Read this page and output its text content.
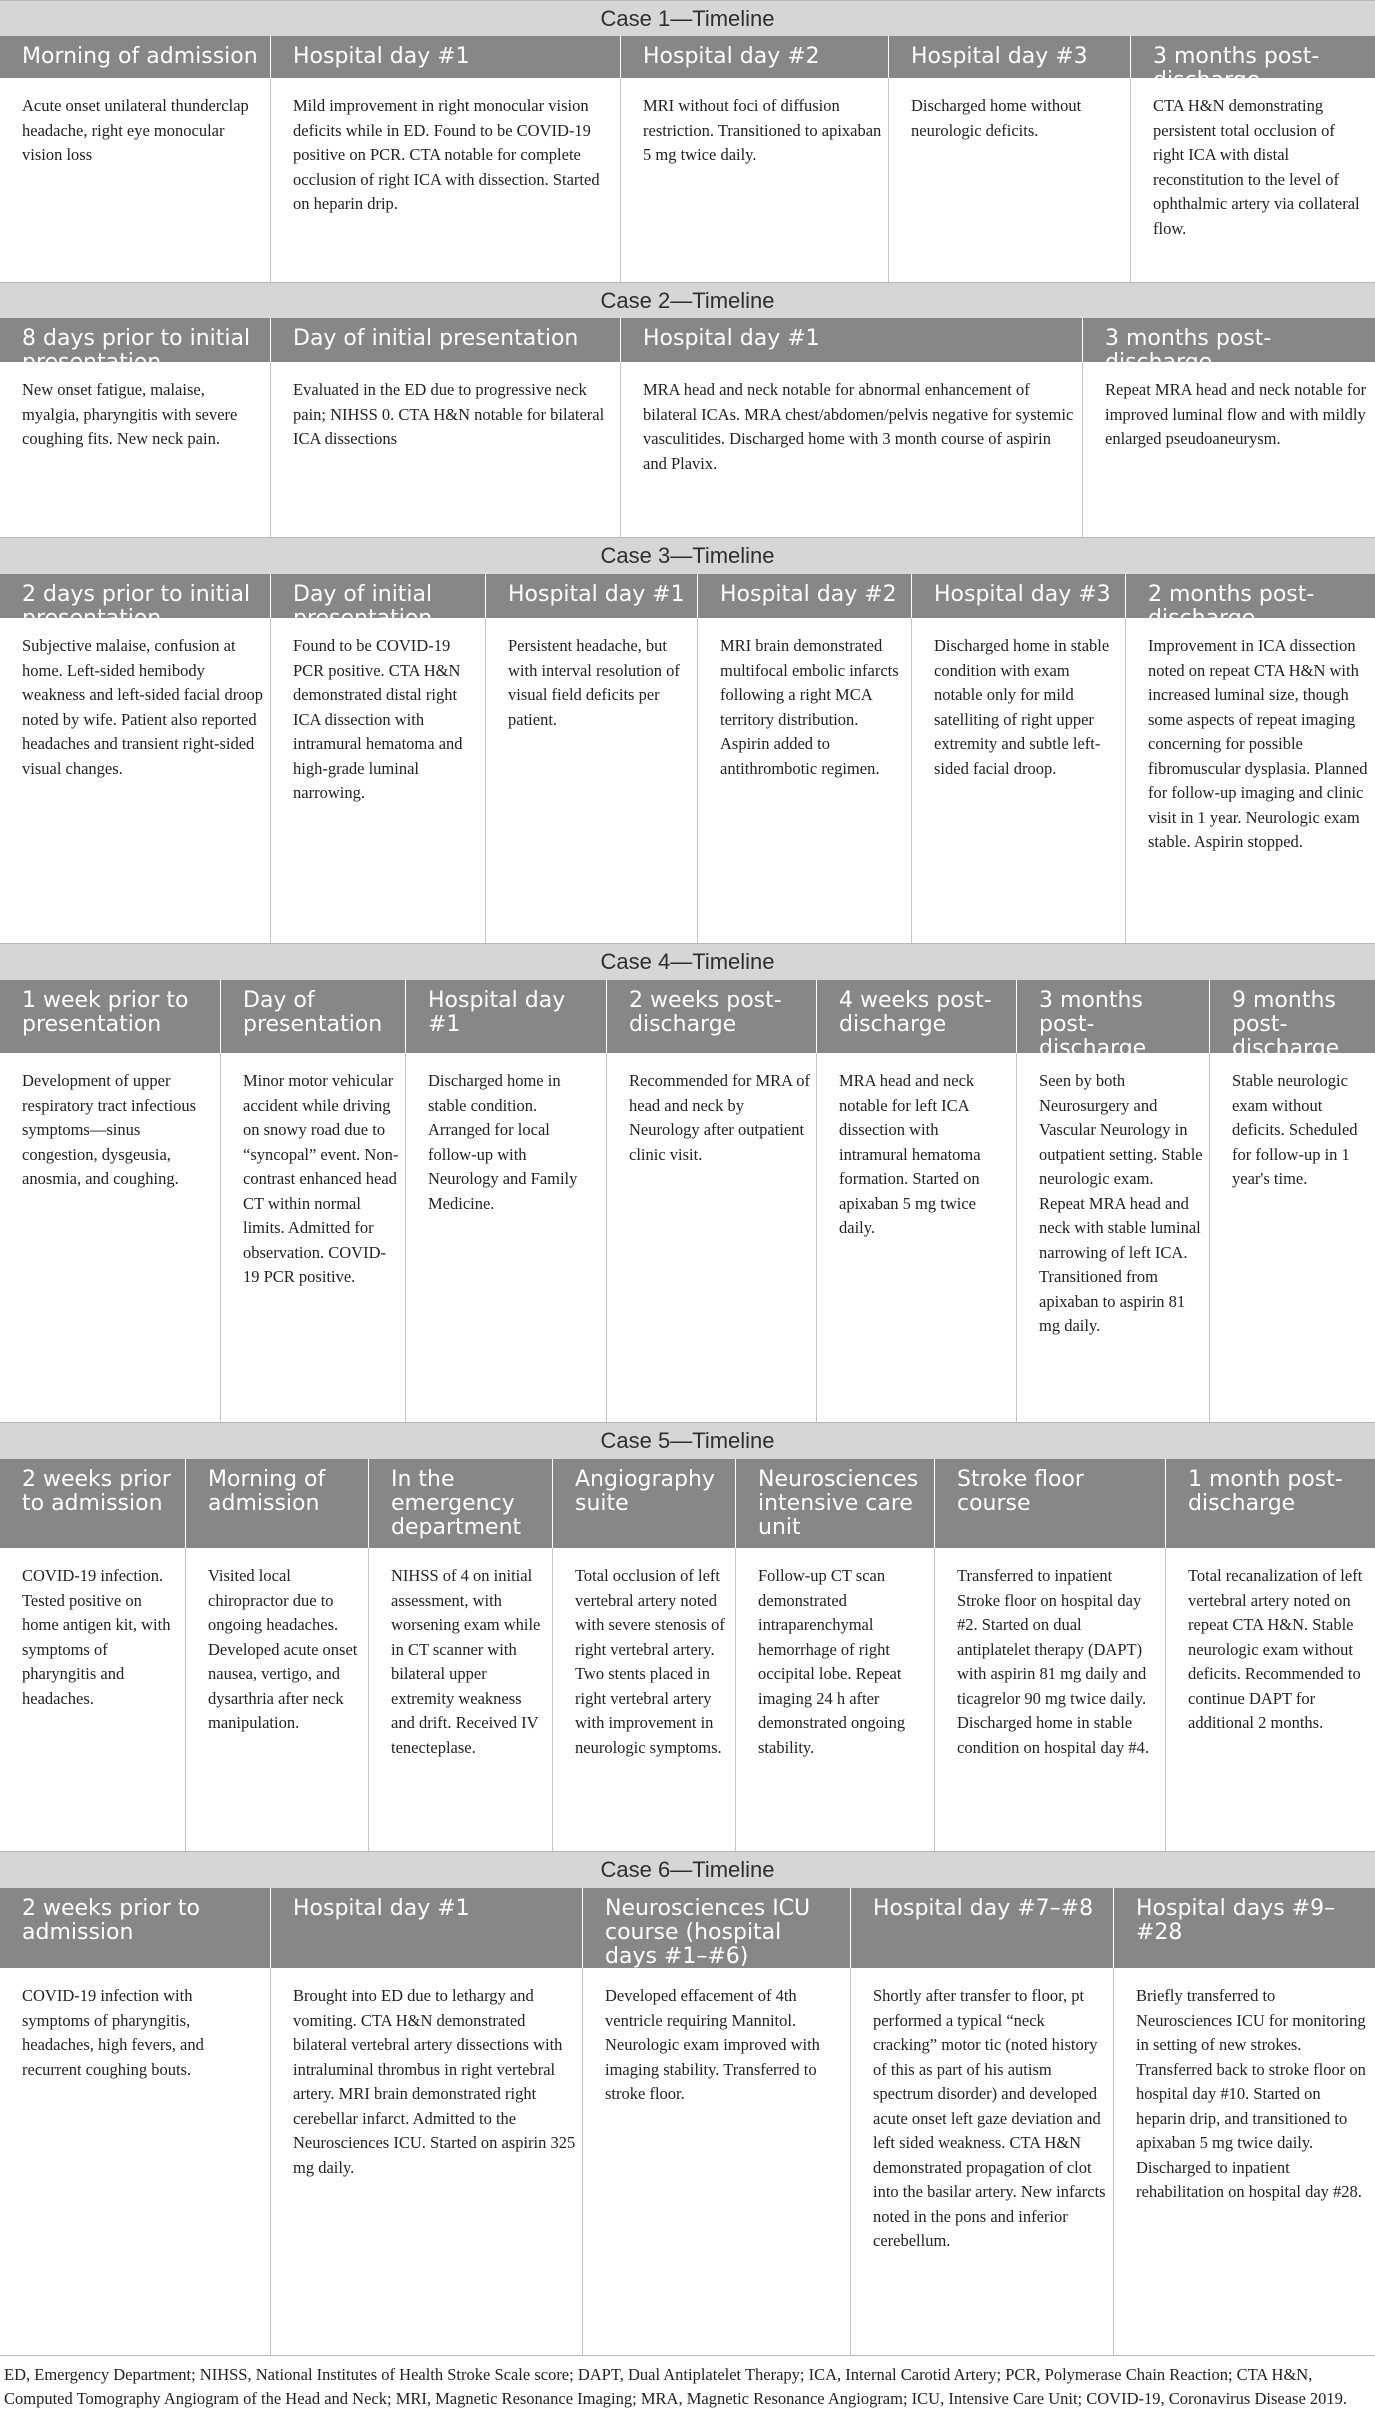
Case 1—Timeline
Morning of admission
Acute onset unilateral thunderclap headache, right eye monocular vision loss
Hospital day #1
Mild improvement in right monocular vision deficits while in ED. Found to be COVID-19 positive on PCR. CTA notable for complete occlusion of right ICA with dissection. Started on heparin drip.
Hospital day #2
MRI without foci of diffusion restriction. Transitioned to apixaban 5 mg twice daily.
Hospital day #3
Discharged home without neurologic deficits.
3 months post-discharge
CTA H&N demonstrating persistent total occlusion of right ICA with distal reconstitution to the level of ophthalmic artery via collateral flow.
Case 2—Timeline
8 days prior to initial presentation
New onset fatigue, malaise, myalgia, pharyngitis with severe coughing fits. New neck pain.
Day of initial presentation
Evaluated in the ED due to progressive neck pain; NIHSS 0. CTA H&N notable for bilateral ICA dissections
Hospital day #1
MRA head and neck notable for abnormal enhancement of bilateral ICAs. MRA chest/abdomen/pelvis negative for systemic vasculitides. Discharged home with 3 month course of aspirin and Plavix.
3 months post-discharge
Repeat MRA head and neck notable for improved luminal flow and with mildly enlarged pseudoaneurysm.
Case 3—Timeline
2 days prior to initial presentation
Subjective malaise, confusion at home. Left-sided hemibody weakness and left-sided facial droop noted by wife. Patient also reported headaches and transient right-sided visual changes.
Day of initial presentation
Found to be COVID-19 PCR positive. CTA H&N demonstrated distal right ICA dissection with intramural hematoma and high-grade luminal narrowing.
Hospital day #1
Persistent headache, but with interval resolution of visual field deficits per patient.
Hospital day #2
MRI brain demonstrated multifocal embolic infarcts following a right MCA territory distribution. Aspirin added to antithrombotic regimen.
Hospital day #3
Discharged home in stable condition with exam notable only for mild satelliting of right upper extremity and subtle left-sided facial droop.
2 months post-discharge
Improvement in ICA dissection noted on repeat CTA H&N with increased luminal size, though some aspects of repeat imaging concerning for possible fibromuscular dysplasia. Planned for follow-up imaging and clinic visit in 1 year. Neurologic exam stable. Aspirin stopped.
Case 4—Timeline
1 week prior to presentation
Development of upper respiratory tract infectious symptoms—sinus congestion, dysgeusia, anosmia, and coughing.
Day of presentation
Minor motor vehicular accident while driving on snowy road due to “syncopal” event. Non-contrast enhanced head CT within normal limits. Admitted for observation. COVID-19 PCR positive.
Hospital day #1
Discharged home in stable condition. Arranged for local follow-up with Neurology and Family Medicine.
2 weeks post-discharge
Recommended for MRA of head and neck by Neurology after outpatient clinic visit.
4 weeks post-discharge
MRA head and neck notable for left ICA dissection with intramural hematoma formation. Started on apixaban 5 mg twice daily.
3 months post-discharge
Seen by both Neurosurgery and Vascular Neurology in outpatient setting. Stable neurologic exam. Repeat MRA head and neck with stable luminal narrowing of left ICA. Transitioned from apixaban to aspirin 81 mg daily.
9 months post-discharge
Stable neurologic exam without deficits. Scheduled for follow-up in 1 year's time.
Case 5—Timeline
2 weeks prior to admission
COVID-19 infection. Tested positive on home antigen kit, with symptoms of pharyngitis and headaches.
Morning of admission
Visited local chiropractor due to ongoing headaches. Developed acute onset nausea, vertigo, and dysarthria after neck manipulation.
In the emergency department
NIHSS of 4 on initial assessment, with worsening exam while in CT scanner with bilateral upper extremity weakness and drift. Received IV tenecteplase.
Angiography suite
Total occlusion of left vertebral artery noted with severe stenosis of right vertebral artery. Two stents placed in right vertebral artery with improvement in neurologic symptoms.
Neurosciences intensive care unit
Follow-up CT scan demonstrated intraparenchymal hemorrhage of right occipital lobe. Repeat imaging 24 h after demonstrated ongoing stability.
Stroke floor course
Transferred to inpatient Stroke floor on hospital day #2. Started on dual antiplatelet therapy (DAPT) with aspirin 81 mg daily and ticagrelor 90 mg twice daily. Discharged home in stable condition on hospital day #4.
1 month post-discharge
Total recanalization of left vertebral artery noted on repeat CTA H&N. Stable neurologic exam without deficits. Recommended to continue DAPT for additional 2 months.
Case 6—Timeline
2 weeks prior to admission
COVID-19 infection with symptoms of pharyngitis, headaches, high fevers, and recurrent coughing bouts.
Hospital day #1
Brought into ED due to lethargy and vomiting. CTA H&N demonstrated bilateral vertebral artery dissections with intraluminal thrombus in right vertebral artery. MRI brain demonstrated right cerebellar infarct. Admitted to the Neurosciences ICU. Started on aspirin 325 mg daily.
Neurosciences ICU course (hospital days #1–#6)
Developed effacement of 4th ventricle requiring Mannitol. Neurologic exam improved with imaging stability. Transferred to stroke floor.
Hospital day #7–#8
Shortly after transfer to floor, pt performed a typical “neck cracking” motor tic (noted history of this as part of his autism spectrum disorder) and developed acute onset left gaze deviation and left sided weakness. CTA H&N demonstrated propagation of clot into the basilar artery. New infarcts noted in the pons and inferior cerebellum.
Hospital days #9–#28
Briefly transferred to Neurosciences ICU for monitoring in setting of new strokes. Transferred back to stroke floor on hospital day #10. Started on heparin drip, and transitioned to apixaban 5 mg twice daily. Discharged to inpatient rehabilitation on hospital day #28.
ED, Emergency Department; NIHSS, National Institutes of Health Stroke Scale score; DAPT, Dual Antiplatelet Therapy; ICA, Internal Carotid Artery; PCR, Polymerase Chain Reaction; CTA H&N, Computed Tomography Angiogram of the Head and Neck; MRI, Magnetic Resonance Imaging; MRA, Magnetic Resonance Angiogram; ICU, Intensive Care Unit; COVID-19, Coronavirus Disease 2019.
